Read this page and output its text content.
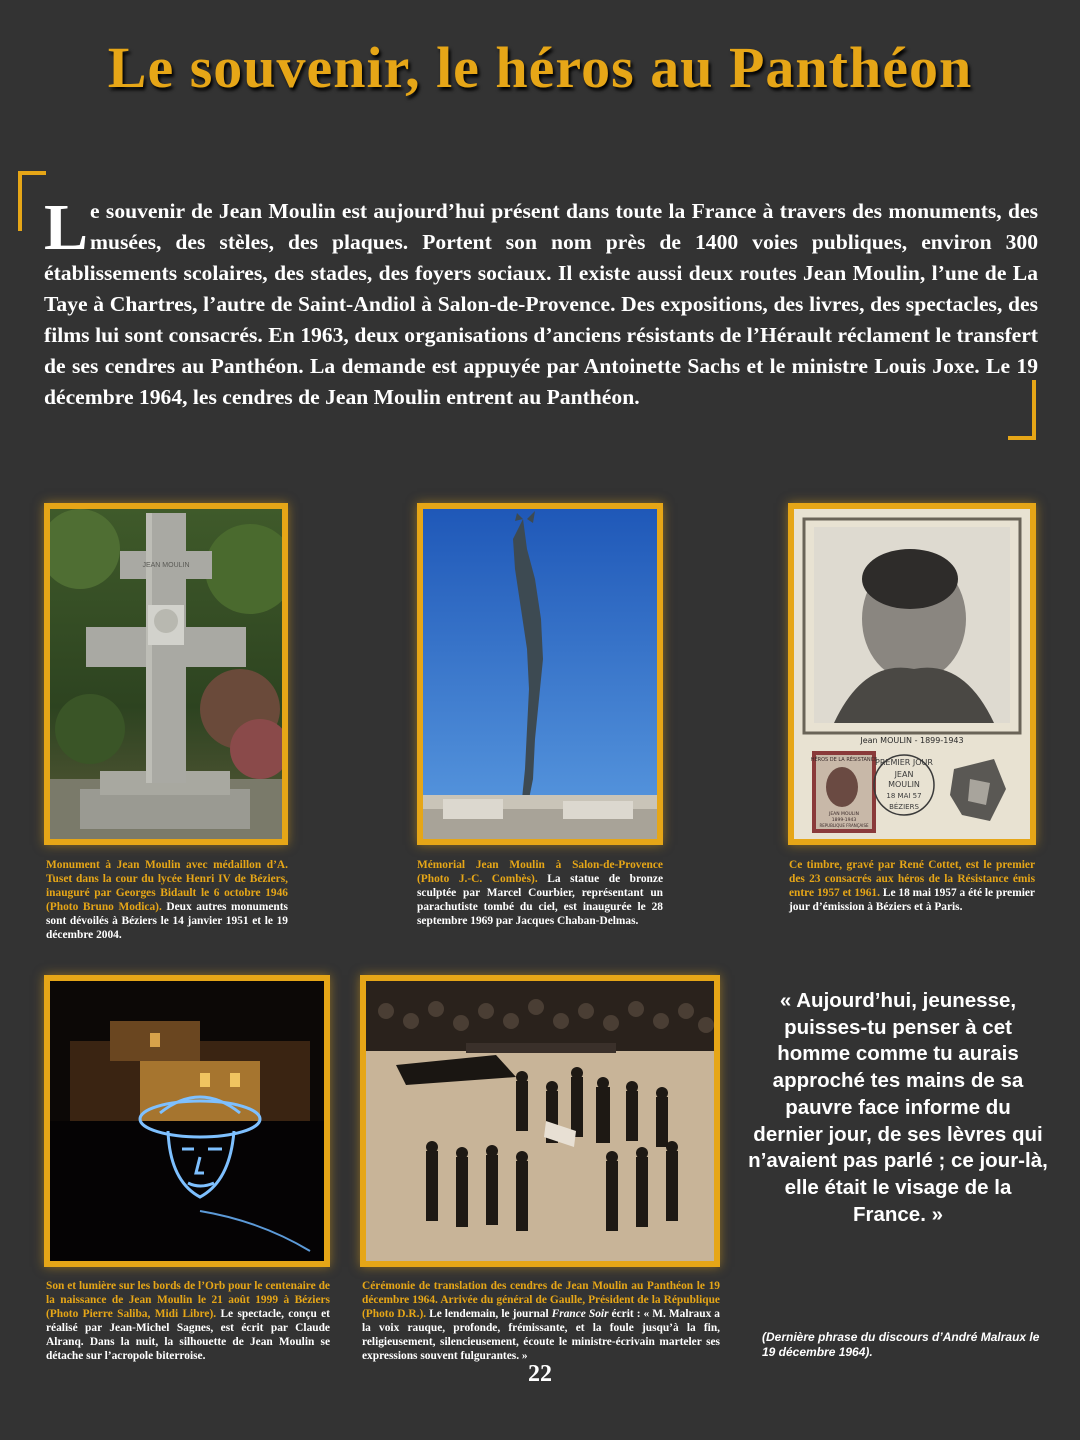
Le souvenir, le héros au Panthéon

Le souvenir de Jean Moulin est aujourd’hui présent dans toute la France à travers des monuments, des musées, des stèles, des plaques. Portent son nom près de 1400 voies publiques, environ 300 établissements scolaires, des stades, des foyers sociaux. Il existe aussi deux routes Jean Moulin, l’une de La Taye à Chartres, l’autre de Saint-Andiol à Salon-de-Provence. Des expositions, des livres, des spectacles, des films lui sont consacrés. En 1963, deux organisations d’anciens résistants de l’Hérault réclament le transfert de ses cendres au Panthéon. La demande est appuyée par Antoinette Sachs et le ministre Louis Joxe. Le 19 décembre 1964, les cendres de Jean Moulin entrent au Panthéon.

JEAN MOULIN

Monument à Jean Moulin avec médaillon d’A. Tuset dans la cour du lycée Henri IV de Béziers, inauguré par Georges Bidault le 6 octobre 1946 (Photo Bruno Modica). Deux autres monuments sont dévoilés à Béziers le 14 janvier 1951 et le 19 décembre 2004.

Mémorial Jean Moulin à Salon-de-Provence (Photo J.-C. Combès). La statue de bronze sculptée par Marcel Courbier, représentant un parachutiste tombé du ciel, est inaugurée le 28 septembre 1969 par Jacques Chaban-Delmas.

Jean MOULIN - 1899-1943
HÉROS DE LA RÉSISTANCE
JEAN MOULIN
1899-1943
REPUBLIQUE FRANÇAISE
PREMIER JOUR
JEAN
MOULIN
18 MAI 57
BÉZIERS

Ce timbre, gravé par René Cottet, est le premier des 23 consacrés aux héros de la Résistance émis entre 1957 et 1961. Le 18 mai 1957 a été le premier jour d’émission à Béziers et à Paris.

Son et lumière sur les bords de l’Orb pour le centenaire de la naissance de Jean Moulin le 21 août 1999 à Béziers (Photo Pierre Saliba, Midi Libre). Le spectacle, conçu et réalisé par Jean-Michel Sagnes, est écrit par Claude Alranq. Dans la nuit, la silhouette de Jean Moulin se détache sur l’acropole biterroise.

Cérémonie de translation des cendres de Jean Moulin au Panthéon le 19 décembre 1964. Arrivée du général de Gaulle, Président de la République (Photo D.R.). Le lendemain, le journal France Soir écrit : « M. Malraux a la voix rauque, profonde, frémissante, et la foule jusqu’à la fin, religieusement, silencieusement, écoute le ministre-écrivain marteler ses expressions souvent fulgurantes. »

« Aujourd’hui, jeunesse, puisses-tu penser à cet homme comme tu aurais approché tes mains de sa pauvre face informe du dernier jour, de ses lèvres qui n’avaient pas parlé ; ce jour-là, elle était le visage de la France. »

(Dernière phrase du discours d’André Malraux le 19 décembre 1964).

22
